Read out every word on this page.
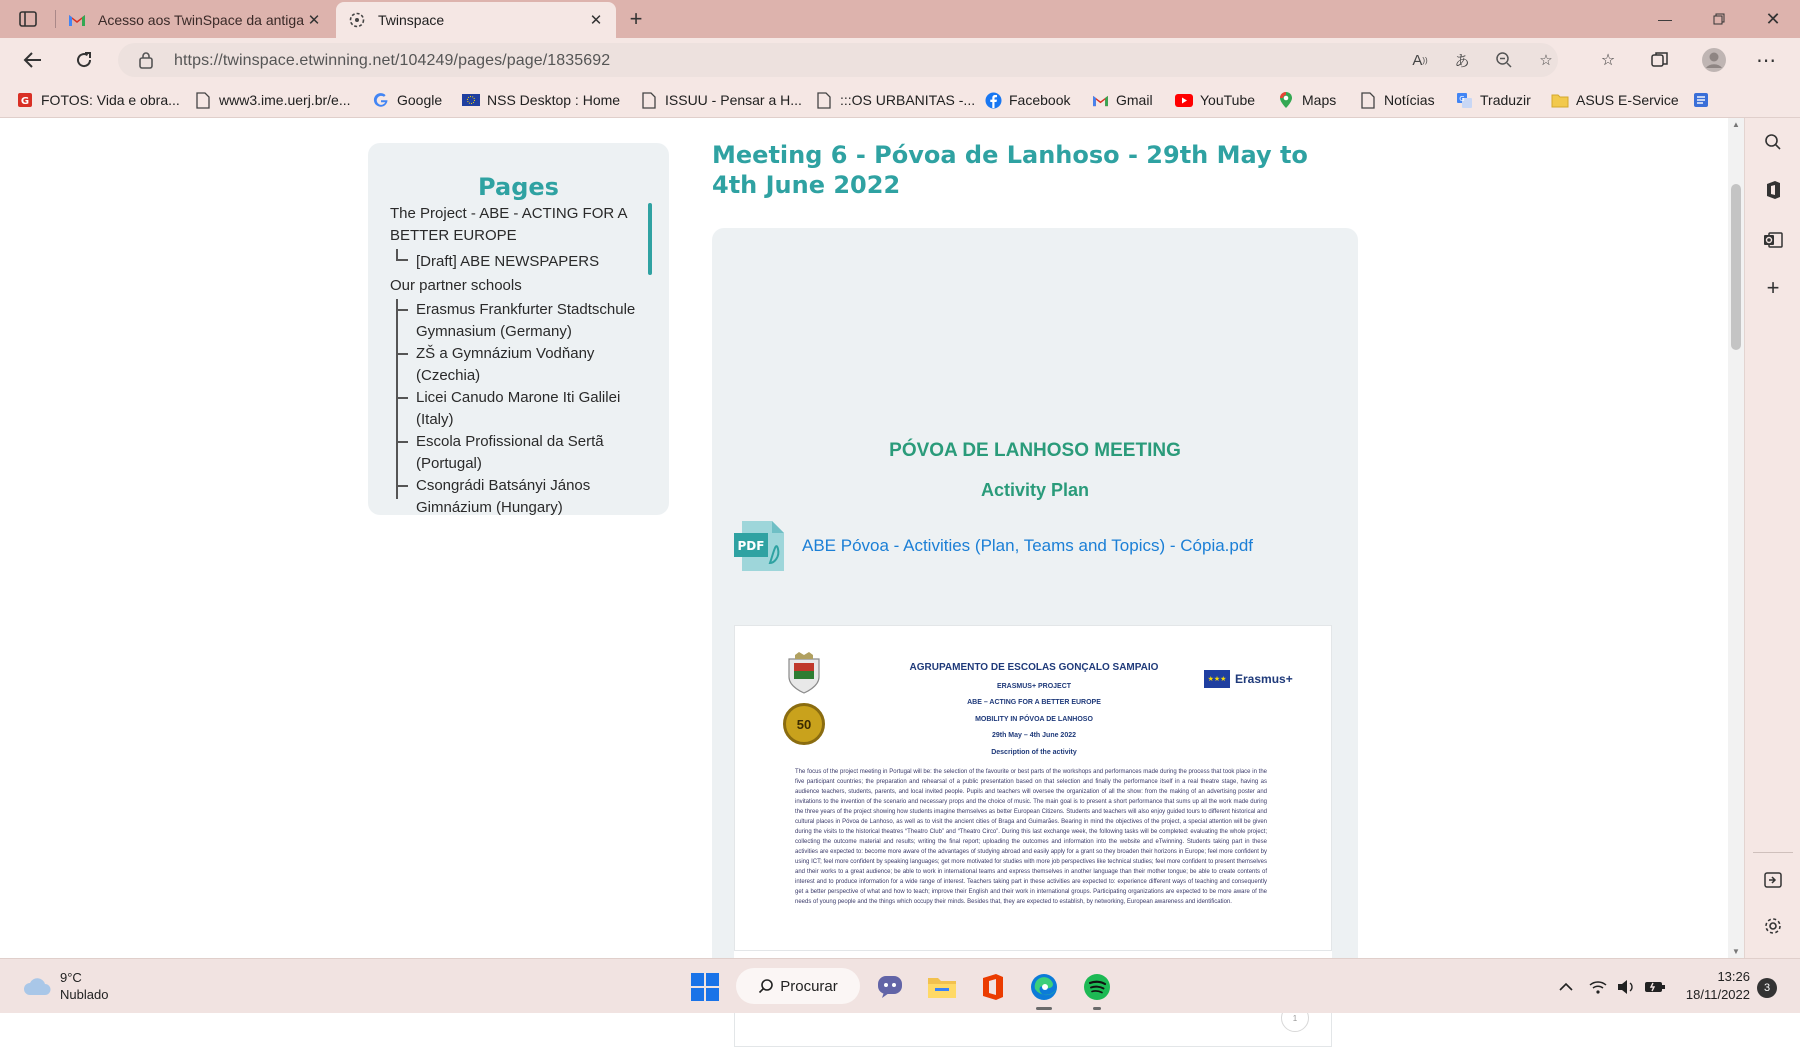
Acesso aos TwinSpace da antiga ✕	Twinspace	✕	+	—	✕
https://twinspace.etwinning.net/104249/pages/page/1835692	A )) あ	☆	☆	⋯
G FOTOS: Vida e obra...	www3.ime.uerj.br/e...	Google	NSS Desktop : Home	ISSUU - Pensar a H...	:::OS URBANITAS -... Facebook	Gmail	YouTube	Maps	Notícias	G Traduzir	ASUS E-Service
Pages
The Project - ABE - ACTING FOR A BETTER EUROPE
[Draft] ABE NEWSPAPERS
Our partner schools
Erasmus Frankfurter Stadtschule Gymnasium (Germany)
ZŠ a Gymnázium Vodňany (Czechia)
Licei Canudo Marone Iti Galilei (Italy)
Escola Profissional da Sertã (Portugal)
Csongrádi Batsányi János
Gimnázium (Hungary)
Meeting 6 - Póvoa de Lanhoso - 29th May to 4th June 2022
PÓVOA DE LANHOSO MEETING
Activity Plan
PDF ABE Póvoa - Activities (Plan, Teams and Topics) - Cópia.pdf
50
★★★ Erasmus+
AGRUPAMENTO DE ESCOLAS GONÇALO SAMPAIO
ERASMUS+ PROJECT
ABE – ACTING FOR A BETTER EUROPE
MOBILITY IN PÓVOA DE LANHOSO
29th May – 4th June 2022
Description of the activity
The focus of the project meeting in Portugal will be: the selection of the favourite or best parts of the workshops and performances made during the process that took place in the five participant countries; the preparation and rehearsal of a public presentation based on that selection and finally the performance itself in a real theatre stage, having as audience teachers, students, parents, and local invited people. Pupils and teachers will oversee the organization of all the show: from the making of an advertising poster and invitations to the invention of the scenario and necessary props and the choice of music. The main goal is to present a short performance that sums up all the work made during the three years of the project showing how students imagine themselves as better European Citizens. Students and teachers will also enjoy guided tours to different historical and cultural places in Póvoa de Lanhoso, as well as to visit the ancient cities of Braga and Guimarães. Bearing in mind the objectives of the project, a special attention will be given during the visits to the historical theatres “Theatro Club” and “Theatro Circo”. During this last exchange week, the following tasks will be completed: evaluating the whole project; collecting the outcome material and results; writing the final report; uploading the outcomes and information into the website and eTwinning. Students taking part in these activities are expected to: become more aware of the advantages of studying abroad and easily apply for a grant so they broaden their horizons in Europe; feel more confident by using ICT; feel more confident by speaking languages; get more motivated for studies with more job perspectives like technical studies; feel more confident to present themselves and their works to a great audience; be able to work in international teams and express themselves in another language than their mother tongue; be able to create contents of interest and to produce information for a wide range of interest. Teachers taking part in these activities are expected to: experience different ways of teaching and consequently get a better perspective of what and how to teach; improve their English and their work in international groups. Participating organizations are expected to be more aware of the needs of young people and the things which occupy their minds. Besides that, they are expected to establish, by networking, European awareness and identification.
1
▲
▼
+
9°C
Nublado	Procurar
13:26
18/11/2022	3
